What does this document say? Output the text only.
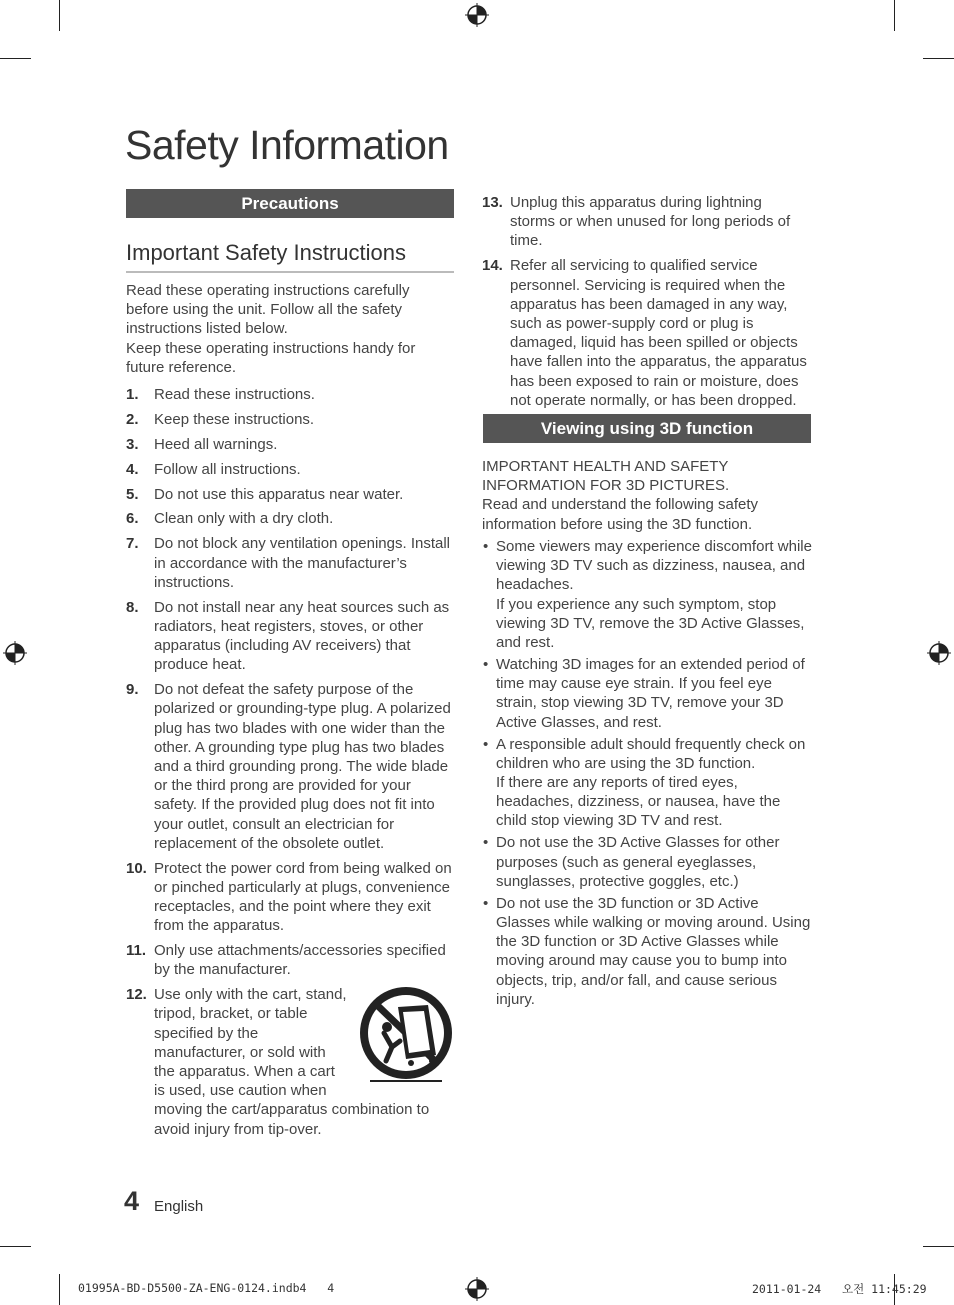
Safety Information
Precautions
Important Safety Instructions
Read these operating instructions carefully before using the unit. Follow all the safety instructions listed below.
Keep these operating instructions handy for future reference.
1. Read these instructions.
2. Keep these instructions.
3. Heed all warnings.
4. Follow all instructions.
5. Do not use this apparatus near water.
6. Clean only with a dry cloth.
7. Do not block any ventilation openings. Install in accordance with the manufacturer’s instructions.
8. Do not install near any heat sources such as radiators, heat registers, stoves, or other apparatus (including AV receivers) that produce heat.
9. Do not defeat the safety purpose of the polarized or grounding-type plug. A polarized plug has two blades with one wider than the other. A grounding type plug has two blades and a third grounding prong. The wide blade or the third prong are provided for your safety. If the provided plug does not fit into your outlet, consult an electrician for replacement of the obsolete outlet.
10. Protect the power cord from being walked on or pinched particularly at plugs, convenience receptacles, and the point where they exit from the apparatus.
11. Only use attachments/accessories specified by the manufacturer.
12. Use only with the cart, stand, tripod, bracket, or table specified by the manufacturer, or sold with the apparatus. When a cart is used, use caution when moving the cart/apparatus combination to avoid injury from tip-over.
13. Unplug this apparatus during lightning storms or when unused for long periods of time.
14. Refer all servicing to qualified service personnel. Servicing is required when the apparatus has been damaged in any way, such as power-supply cord or plug is damaged, liquid has been spilled or objects have fallen into the apparatus, the apparatus has been exposed to rain or moisture, does not operate normally, or has been dropped.
Viewing using 3D function
IMPORTANT HEALTH AND SAFETY INFORMATION FOR 3D PICTURES.
Read and understand the following safety information before using the 3D function.
• Some viewers may experience discomfort while viewing 3D TV such as dizziness, nausea, and headaches.
If you experience any such symptom, stop viewing 3D TV, remove the 3D Active Glasses, and rest.
• Watching 3D images for an extended period of time may cause eye strain. If you feel eye strain, stop viewing 3D TV, remove your 3D Active Glasses, and rest.
• A responsible adult should frequently check on children who are using the 3D function.
If there are any reports of tired eyes, headaches, dizziness, or nausea, have the child stop viewing 3D TV and rest.
• Do not use the 3D Active Glasses for other purposes (such as general eyeglasses, sunglasses, protective goggles, etc.)
• Do not use the 3D function or 3D Active Glasses while walking or moving around. Using the 3D function or 3D Active Glasses while moving around may cause you to bump into objects, trip, and/or fall, and cause serious injury.
4 English
01995A-BD-D5500-ZA-ENG-0124.indb4   4	2011-01-24   오전 11:45:29
